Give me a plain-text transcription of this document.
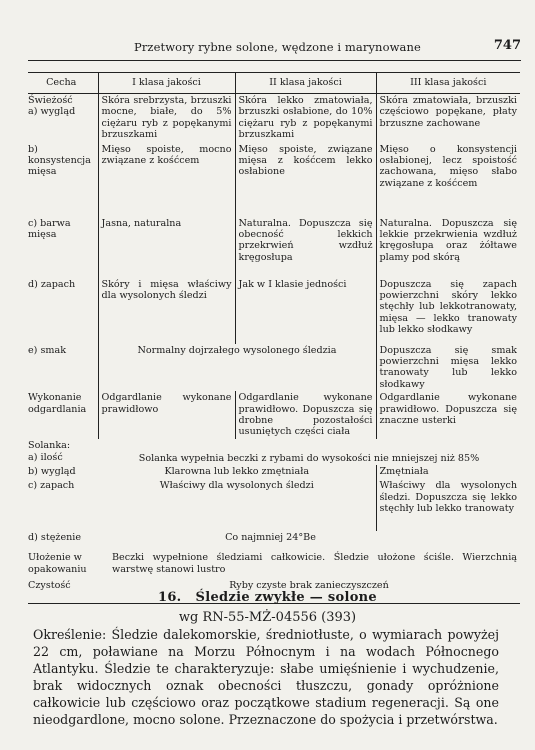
Przetwory rybne solone, wędzone i marynowane	747
Cecha	I klasa jakości	II klasa jakości	III klasa jakości

Świeżość
a) wygląd	Skóra srebrzysta, brzuszki mocne, białe, do 5% ciężaru ryb z popękanymi brzuszkami	Skóra lekko zmatowiała, brzuszki osłabione, do 10% ciężaru ryb z popękanymi brzuszkami	Skóra zmatowiała, brzuszki częściowo popękane, płaty brzuszne zachowane
b) konsystencja mięsa	Mięso spoiste, mocno związane z kośćcem	Mięso spoiste, związane mięsa z kośćcem lekko osłabione	Mięso o konsystencji osłabionej, lecz spoistość zachowana, mięso słabo związane z kośćcem
c) barwa mięsa	Jasna, naturalna	Naturalna. Dopuszcza się obecność lekkich przekrwień wzdłuż kręgosłupa	Naturalna. Dopuszcza się lekkie przekrwienia wzdłuż kręgosłupa oraz żółtawe plamy pod skórą
d) zapach	Skóry i mięsa właściwy dla wysolonych śledzi	Jak w I klasie jedności	Dopuszcza się zapach powierzchni skóry lekko stęchły lub lekkotranowaty, mięsa — lekko tranowaty lub lekko słodkawy
e) smak	Normalny dojrzałego wysolonego śledzia		Dopuszcza się smak powierzchni mięsa lekko tranowaty lub lekko słodkawy
Wykonanie odgardlania	Odgardlanie wykonane prawidłowo	Odgardlanie wykonane prawidłowo. Dopuszcza się drobne pozostałości usuniętych części ciała	Odgardlanie wykonane prawidłowo. Dopuszcza się znaczne usterki

Solanka:
a) ilość	Solanka wypełnia beczki z rybami do wysokości nie mniejszej niż 85%		
b) wygląd	Klarowna lub lekko zmętniała		Zmętniała
c) zapach	Właściwy dla wysolonych śledzi		Właściwy dla wysolonych śledzi. Dopuszcza się lekko stęchły lub lekko tranowaty
d) stężenie	Co najmniej 24°Be		
Ułożenie w opakowaniu	Beczki wypełnione śledziami całkowicie. Śledzie ułożone ściśle. Wierzchnią warstwę stanowi lustro		
Czystość	Ryby czyste brak zanieczyszczeń		
16. Śledzie zwykłe — solone
wg RN-55-MŻ-04556 (393)
Określenie: Śledzie dalekomorskie, średniotłuste, o wymiarach powyżej 22 cm, poławiane na Morzu Północnym i na wodach Północnego Atlantyku. Śledzie te charakteryzuje: słabe umięśnienie i wychudzenie, brak widocznych oznak obecności tłuszczu, gonady opróżnione całkowicie lub częściowo oraz początkowe stadium regeneracji. Są one nieodgardlone, mocno solone. Przeznaczone do spożycia i przetwórstwa.
